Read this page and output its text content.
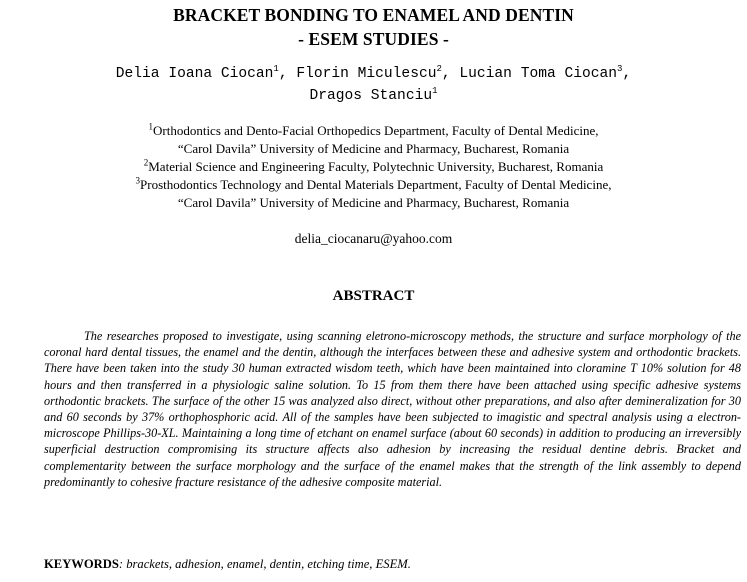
BRACKET BONDING TO ENAMEL AND DENTIN
- ESEM STUDIES -
Delia Ioana Ciocan$^1$, Florin Miculescu$^2$, Lucian Toma Ciocan$^3$,
Dragos Stanciu$^1$
$^1$Orthodontics and Dento-Facial Orthopedics Department, Faculty of Dental Medicine,
“Carol Davila” University of Medicine and Pharmacy, Bucharest, Romania
$^2$Material Science and Engineering Faculty, Polytechnic University, Bucharest, Romania
$^3$Prosthodontics Technology and Dental Materials Department, Faculty of Dental Medicine,
“Carol Davila” University of Medicine and Pharmacy, Bucharest, Romania
delia_ciocanaru@yahoo.com
ABSTRACT
The researches proposed to investigate, using scanning eletrono-microscopy methods, the structure and surface morphology of the coronal hard dental tissues, the enamel and the dentin, although the interfaces between these and adhesive system and orthodontic brackets. There have been taken into the study 30 human extracted wisdom teeth, which have been maintained into cloramine T 10% solution for 48 hours and then transferred in a physiologic saline solution. To 15 from them there have been attached using specific adhesive systems orthodontic brackets. The surface of the other 15 was analyzed also direct, without other preparations, and also after demineralization for 30 and 60 seconds by 37% orthophosphoric acid. All of the samples have been subjected to imagistic and spectral analysis using a electron-microscope Phillips-30-XL. Maintaining a long time of etchant on enamel surface (about 60 seconds) in addition to producing an irreversibly superficial destruction compromising its structure affects also adhesion by increasing the residual dentine debris. Bracket and complementarity between the surface morphology and the surface of the enamel makes that the strength of the link assembly to depend predominantly to cohesive fracture resistance of the adhesive composite material.
KEYWORDS: brackets, adhesion, enamel, dentin, etching time, ESEM.
